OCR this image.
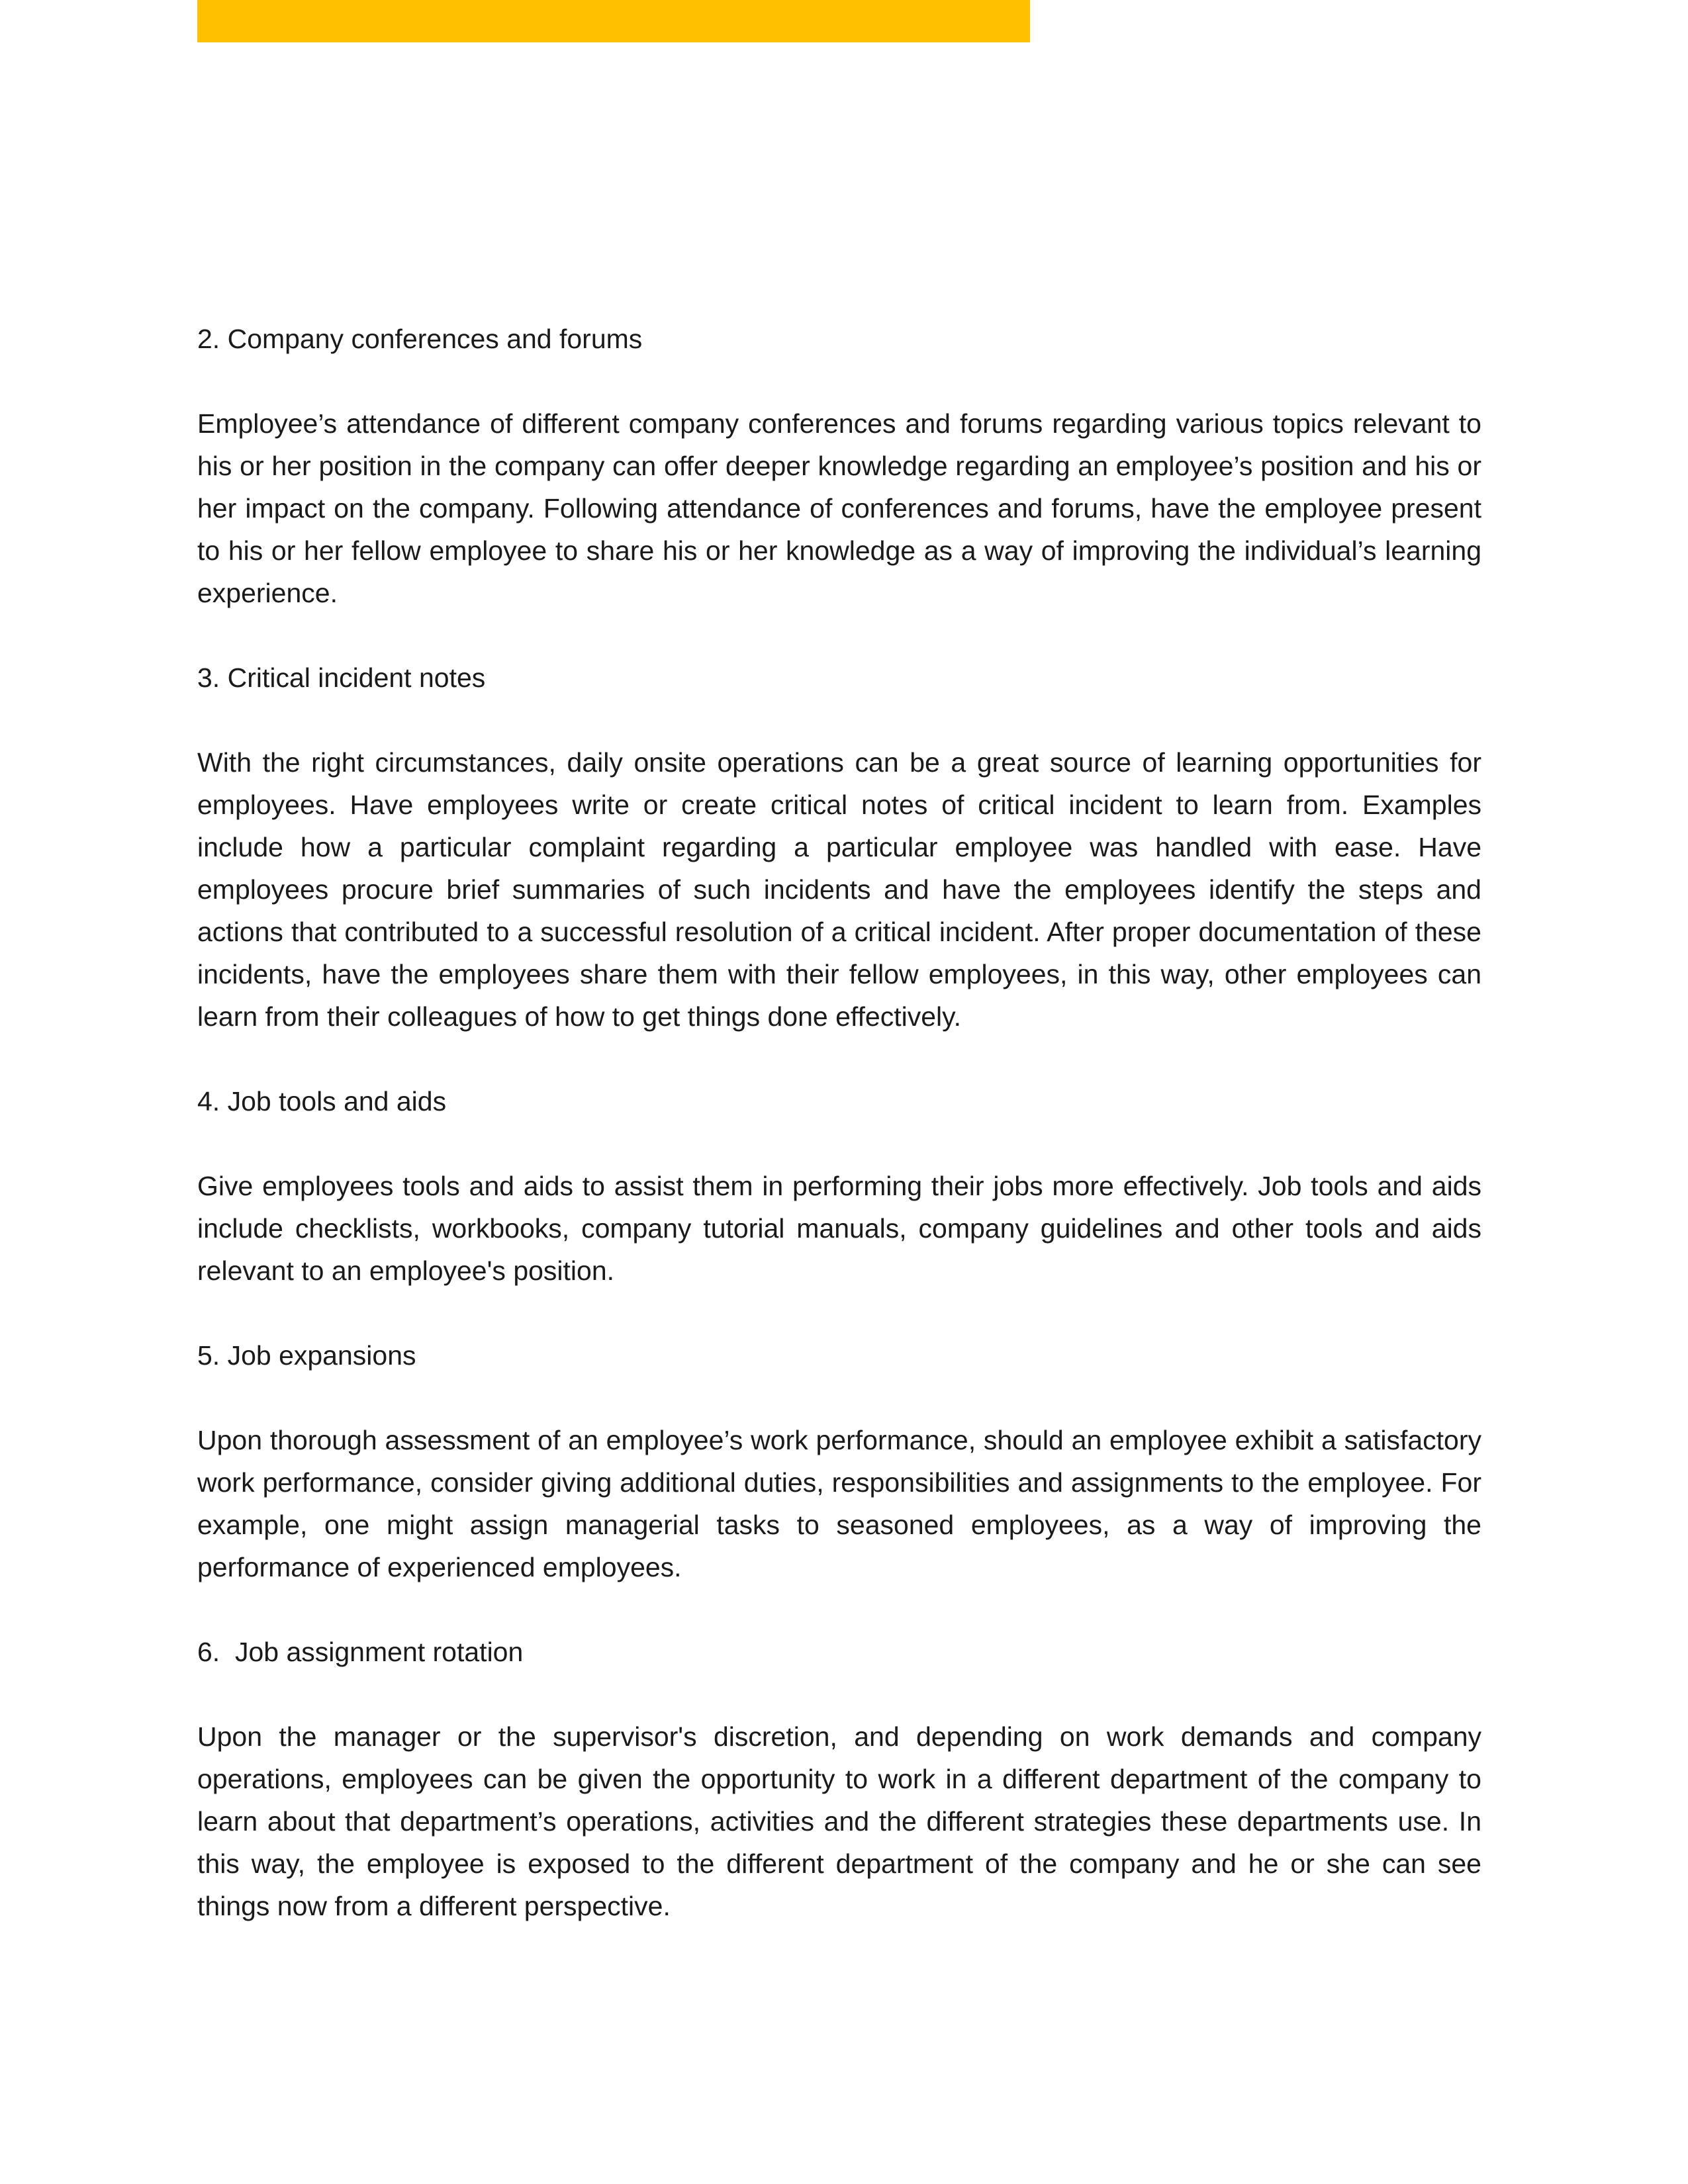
2. Company conferences and forums

Employee’s attendance of different company conferences and forums regarding various topics relevant to his or her position in the company can offer deeper knowledge regarding an employee’s position and his or her impact on the company. Following attendance of conferences and forums, have the employee present to his or her fellow employee to share his or her knowledge as a way of improving the individual’s learning experience.

3. Critical incident notes

With the right circumstances, daily onsite operations can be a great source of learning opportunities for employees. Have employees write or create critical notes of critical incident to learn from. Examples include how a particular complaint regarding a particular employee was handled with ease. Have employees procure brief summaries of such incidents and have the employees identify the steps and actions that contributed to a successful resolution of a critical incident. After proper documentation of these incidents, have the employees share them with their fellow employees, in this way, other employees can learn from their colleagues of how to get things done effectively.

4. Job tools and aids

Give employees tools and aids to assist them in performing their jobs more effectively. Job tools and aids include checklists, workbooks, company tutorial manuals, company guidelines and other tools and aids relevant to an employee's position.

5. Job expansions

Upon thorough assessment of an employee’s work performance, should an employee exhibit a satisfactory work performance, consider giving additional duties, responsibilities and assignments to the employee. For example, one might assign managerial tasks to seasoned employees, as a way of improving the performance of experienced employees.

6.  Job assignment rotation

Upon the manager or the supervisor's discretion, and depending on work demands and company operations, employees can be given the opportunity to work in a different department of the company to learn about that department’s operations, activities and the different strategies these departments use. In this way, the employee is exposed to the different department of the company and he or she can see things now from a different perspective.
